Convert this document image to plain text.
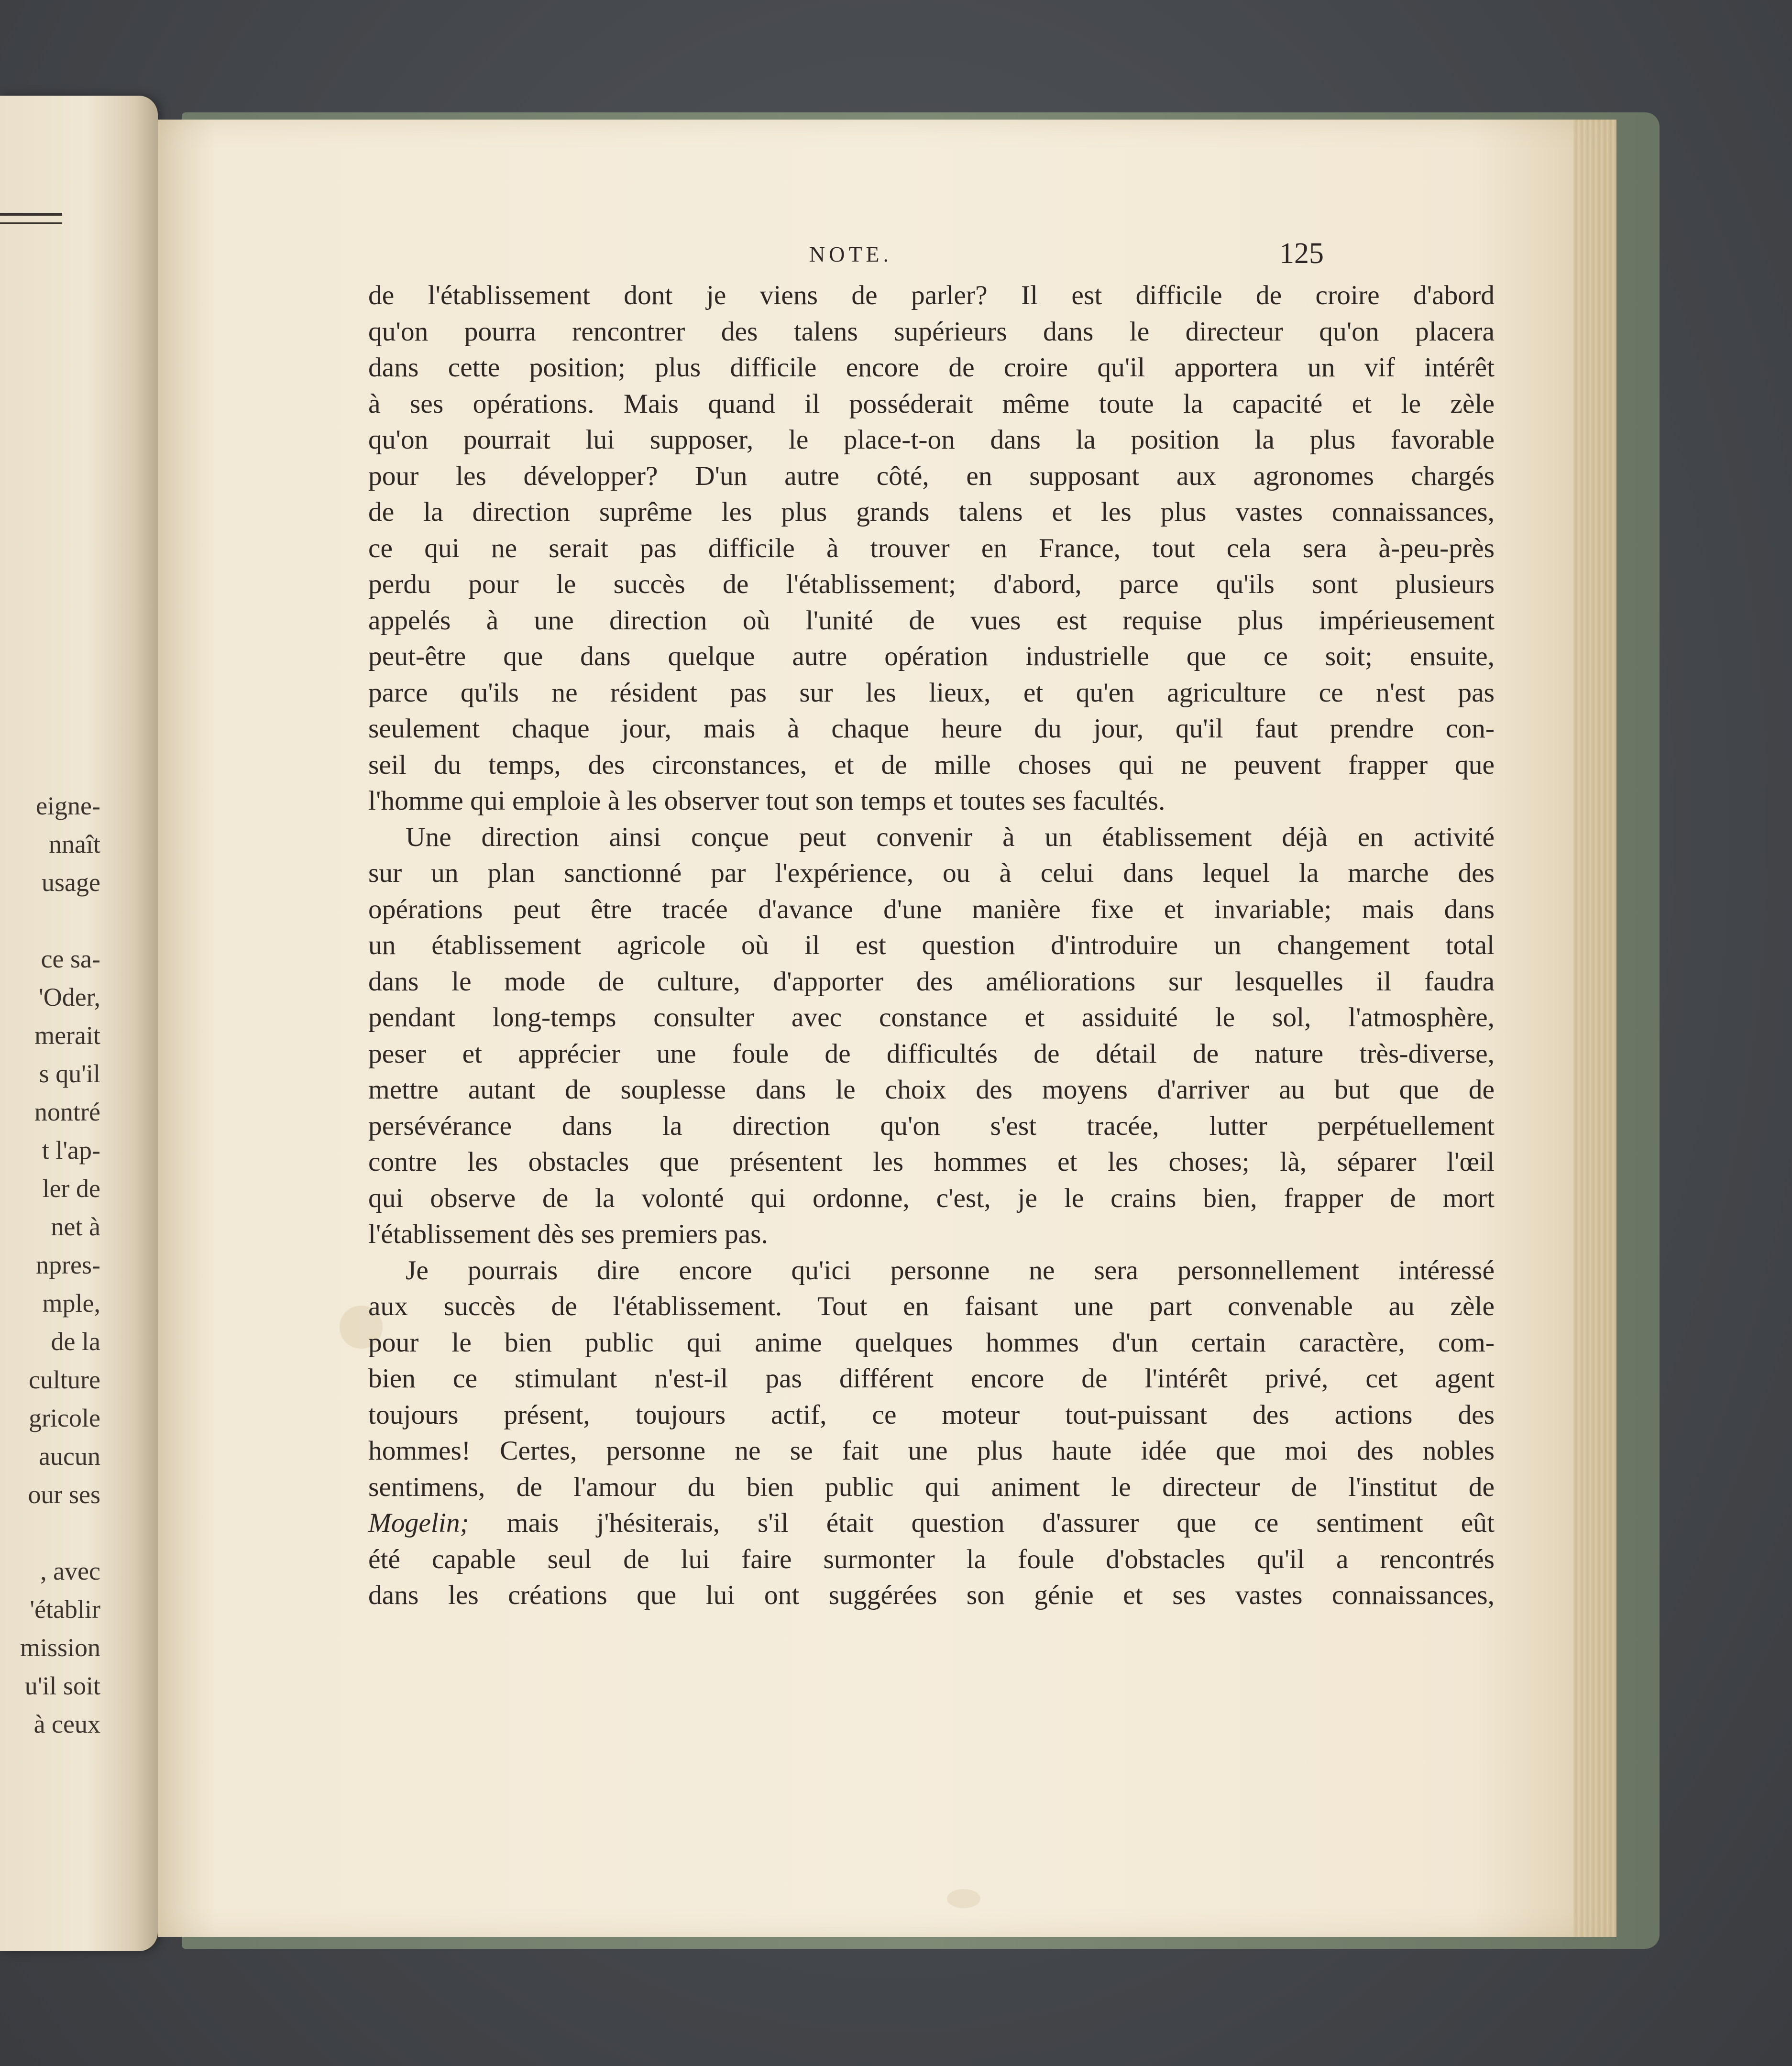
eigne-
nnaît
usage
ce sa-
'Oder,
merait
s qu'il
nontré
t l'ap-
ler de
net à
npres-
mple,
de la
culture
gricole
aucun
our ses
, avec
'établir
mission
u'il soit
à ceux
NOTE.	125
de l'établissement dont je viens de parler? Il est difficile de croire d'abord
qu'on pourra rencontrer des talens supérieurs dans le directeur qu'on placera
dans cette position; plus difficile encore de croire qu'il apportera un vif intérêt
à ses opérations. Mais quand il posséderait même toute la capacité et le zèle
qu'on pourrait lui supposer, le place-t-on dans la position la plus favorable
pour les développer? D'un autre côté, en supposant aux agronomes chargés
de la direction suprême les plus grands talens et les plus vastes connaissances,
ce qui ne serait pas difficile à trouver en France, tout cela sera à-peu-près
perdu pour le succès de l'établissement; d'abord, parce qu'ils sont plusieurs
appelés à une direction où l'unité de vues est requise plus impérieusement
peut-être que dans quelque autre opération industrielle que ce soit; ensuite,
parce qu'ils ne résident pas sur les lieux, et qu'en agriculture ce n'est pas
seulement chaque jour, mais à chaque heure du jour, qu'il faut prendre con-
seil du temps, des circonstances, et de mille choses qui ne peuvent frapper que
l'homme qui emploie à les observer tout son temps et toutes ses facultés.
Une direction ainsi conçue peut convenir à un établissement déjà en activité
sur un plan sanctionné par l'expérience, ou à celui dans lequel la marche des
opérations peut être tracée d'avance d'une manière fixe et invariable; mais dans
un établissement agricole où il est question d'introduire un changement total
dans le mode de culture, d'apporter des améliorations sur lesquelles il faudra
pendant long-temps consulter avec constance et assiduité le sol, l'atmosphère,
peser et apprécier une foule de difficultés de détail de nature très-diverse,
mettre autant de souplesse dans le choix des moyens d'arriver au but que de
persévérance dans la direction qu'on s'est tracée, lutter perpétuellement
contre les obstacles que présentent les hommes et les choses; là, séparer l'œil
qui observe de la volonté qui ordonne, c'est, je le crains bien, frapper de mort
l'établissement dès ses premiers pas.
Je pourrais dire encore qu'ici personne ne sera personnellement intéressé
aux succès de l'établissement. Tout en faisant une part convenable au zèle
pour le bien public qui anime quelques hommes d'un certain caractère, com-
bien ce stimulant n'est-il pas différent encore de l'intérêt privé, cet agent
toujours présent, toujours actif, ce moteur tout-puissant des actions des
hommes! Certes, personne ne se fait une plus haute idée que moi des nobles
sentimens, de l'amour du bien public qui animent le directeur de l'institut de
Mogelin; mais j'hésiterais, s'il était question d'assurer que ce sentiment eût
été capable seul de lui faire surmonter la foule d'obstacles qu'il a rencontrés
dans les créations que lui ont suggérées son génie et ses vastes connaissances,
